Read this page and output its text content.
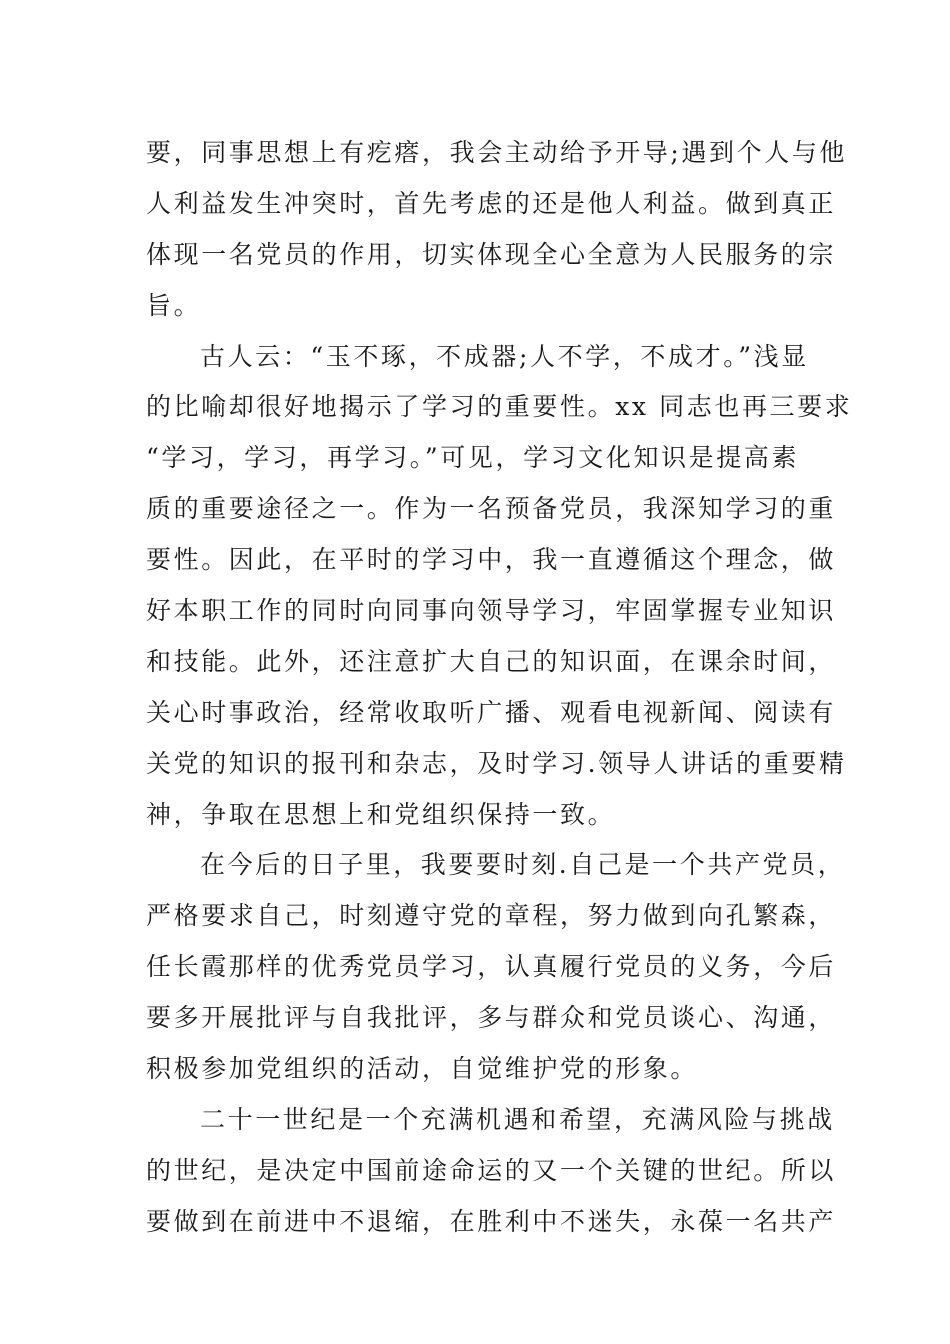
要，同事思想上有疙瘩，我会主动给予开导;遇到个人与他
人利益发生冲突时，首先考虑的还是他人利益。做到真正
体现一名党员的作用，切实体现全心全意为人民服务的宗
旨。
古人云：“玉不琢，不成器;人不学，不成才。”浅显
的比喻却很好地揭示了学习的重要性。xx 同志也再三要求
“学习，学习，再学习。”可见，学习文化知识是提高素
质的重要途径之一。作为一名预备党员，我深知学习的重
要性。因此，在平时的学习中，我一直遵循这个理念，做
好本职工作的同时向同事向领导学习，牢固掌握专业知识
和技能。此外，还注意扩大自己的知识面，在课余时间，
关心时事政治，经常收取听广播、观看电视新闻、阅读有
关党的知识的报刊和杂志，及时学习.领导人讲话的重要精
神，争取在思想上和党组织保持一致。
在今后的日子里，我要要时刻.自己是一个共产党员，
严格要求自己，时刻遵守党的章程，努力做到向孔繁森，
任长霞那样的优秀党员学习，认真履行党员的义务，今后
要多开展批评与自我批评，多与群众和党员谈心、沟通，
积极参加党组织的活动，自觉维护党的形象。
二十一世纪是一个充满机遇和希望，充满风险与挑战
的世纪，是决定中国前途命运的又一个关键的世纪。所以
要做到在前进中不退缩，在胜利中不迷失，永葆一名共产
